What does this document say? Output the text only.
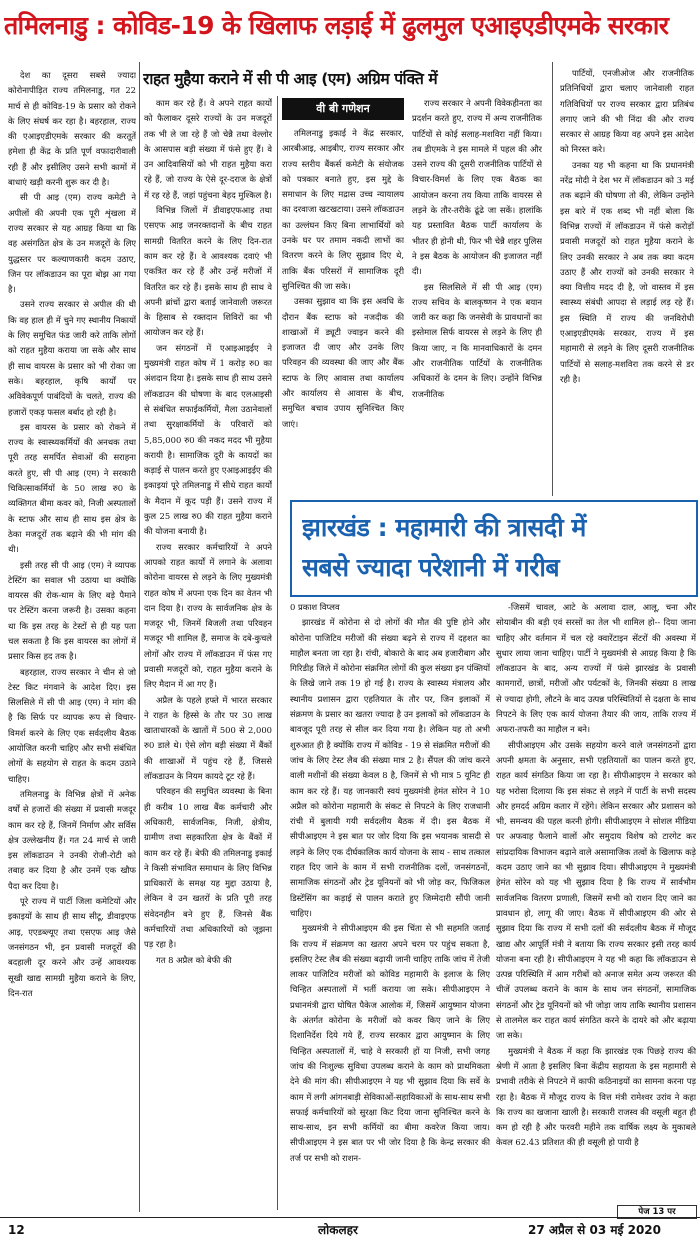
तमिलनाडु : कोविड-19 के खिलाफ लड़ाई में ढुलमुल एआइएडीएमके सरकार

देश का दूसरा सबसे ज्यादा कोरोनापीड़ित राज्य तमिलनाडु, गत 22 मार्च से ही कोविड-19 के प्रसार को रोकने के लिए संघर्ष कर रहा है। बहरहाल, राज्य की एआइएडीएमके सरकार की करतूतें हमेशा ही केंद्र के प्रति पूर्ण वफादारीवाली रही हैं और इसीलिए उसने सभी कामों में बाधाएं खड़ी करनी शुरू कर दी है।

सी पी आइ (एम) राज्य कमेटी ने अपीलों की अपनी एक पूरी शृंखला में राज्य सरकार से यह आग्रह किया था कि वह असंगठित क्षेत्र के उन मजदूरों के लिए युद्धस्तर पर कल्याणकारी कदम उठाए, जिन पर लॉकडाउन का पूरा बोझ आ गया है।

उसने राज्य सरकार से अपील की थी कि वह हाल ही में चुने गए स्थानीय निकायों के लिए समुचित फंड जारी करे ताकि लोगों को राहत मुहैया कराया जा सके और साथ ही साथ वायरस के प्रसार को भी रोका जा सके। बहरहाल, कृषि कार्यों पर अविवेकपूर्ण पाबंदियों के चलते, राज्य की हजारों एकड़ फसल बर्बाद हो रही है।

इस वायरस के प्रसार को रोकने में राज्य के स्वास्थ्यकर्मियों की अनथक तथा पूरी तरह समर्पित सेवाओं की सराहना करते हुए, सी पी आइ (एम) ने सरकारी चिकित्साकर्मियों के 50 लाख रु0 के व्यक्तिगत बीमा कवर को, निजी अस्पतालों के स्टाफ और साथ ही साथ इस क्षेत्र के ठेका मजदूरों तक बढ़ाने की भी मांग की थी।

इसी तरह सी पी आइ (एम) ने व्यापक टेस्टिंग का सवाल भी उठाया था क्योंकि वायरस की रोक-थाम के लिए बड़े पैमाने पर टेस्टिंग करना जरूरी है। उसका कहना था कि इस तरह के टेस्टों से ही यह पता चल सकता है कि इस वायरस का लोगों में प्रसार किस हद तक है।

बहरहाल, राज्य सरकार ने चीन से जो टेस्ट किट मंगवाने के आदेश दिए। इस सिलसिले में सी पी आइ (एम) ने मांग की है कि सिर्फ पर व्यापक रूप से विचार-विमर्श करने के लिए एक सर्वदलीय बैठक आयोजित करनी चाहिए और सभी संबंधित लोगों के सहयोग से राहत के कदम उठाने चाहिए।

तमिलनाडु के विभिन्न क्षेत्रों में अनेक वर्षों से हजारों की संख्या में प्रवासी मजदूर काम कर रहे हैं, जिनमें निर्माण और सर्विस क्षेत्र उल्लेखनीय हैं। गत 24 मार्च से जारी इस लॉकडाउन ने उनकी रोजी-रोटी को तबाह कर दिया है और उनमें एक खौफ पैदा कर दिया है।

पूरे राज्य में पार्टी जिला कमेटियों और इकाइयों के साथ ही साथ सीटू, डीवाइएफ आइ, एएडब्ल्यूए तथा एसएफ आइ जैसे जनसंगठन भी, इन प्रवासी मजदूरों की बदहाली दूर करने और उन्हें आवश्यक सूखी खाद्य सामग्री मुहैया कराने के लिए, दिन-रात

राहत मुहैया कराने में सी पी आइ (एम) अग्रिम पंक्ति में

काम कर रहे हैं। वे अपने राहत कार्यों को फैलाकर दूसरे राज्यों के उन मजदूरों तक भी ले जा रहे हैं जो चेन्नै तथा वेल्लोर के आसपास बड़ी संख्या में फंसे हुए हैं। वे उन आदिवासियों को भी राहत मुहैया करा रहे हैं, जो राज्य के ऐसे दूर-दराज के क्षेत्रों में रह रहे हैं, जहां पहुंचना बेहद मुश्किल है।

विभिन्न जिलों में डीवाइएफआइ तथा एसएफ आइ जनरक्तदानों के बीच राहत सामग्री वितरित करने के लिए दिन-रात काम कर रहे हैं। वे आवश्यक दवाएं भी एकत्रित कर रहे हैं और उन्हें मरीजों में वितरित कर रहे हैं। इसके साथ ही साथ वे अपनी ब्रांचों द्वारा बताई जानेवाली जरूरत के हिसाब से रक्तदान शिविरों का भी आयोजन कर रहे हैं।

जन संगठनों में एआइआइईए ने मुख्यमंत्री राहत कोष में 1 करोड़ रु0 का अंशदान दिया है। इसके साथ ही साथ उसने लॉकडाउन की घोषणा के बाद एलआइसी से संबंधित सफाईकर्मियों, मैला उठानेवालों तथा सुरक्षाकर्मियों के परिवारों को 5,85,000 रु0 की नकद मदद भी मुहैया करायी है। सामाजिक दूरी के कायदों का कड़ाई से पालन करते हुए एआइआइईए की इकाइयां पूरे तमिलनाडु में सीधे राहत कार्यों के मैदान में कूद पड़ी हैं। उसने राज्य में कुल 25 लाख रु0 की राहत मुहैया कराने की योजना बनायी है।

राज्य सरकार कर्मचारियों ने अपने आपको राहत कार्यों में लगाने के अलावा कोरोना वायरस से लड़ने के लिए मुख्यमंत्री राहत कोष में अपना एक दिन का वेतन भी दान दिया है। राज्य के सार्वजनिक क्षेत्र के मजदूर भी, जिनमें बिजली तथा परिवहन मजदूर भी शामिल हैं, समाज के दबे-कुचले लोगों और राज्य में लॉकडाउन में फंस गए प्रवासी मजदूरों को, राहत मुहैया कराने के लिए मैदान में आ गए हैं।

अप्रैल के पहले हफ्ते में भारत सरकार ने राहत के हिस्से के तौर पर 30 लाख खाताधारकों के खातों में 500 से 2,000 रु0 डाले थे। ऐसे लोग बड़ी संख्या में बैंकों की शाखाओं में पहुंच रहे हैं, जिससे लॉकडाउन के नियम कायदे टूट रहे हैं।

परिवहन की समुचित व्यवस्था के बिना ही करीब 10 लाख बैंक कर्मचारी और अधिकारी, सार्वजनिक, निजी, क्षेत्रीय, ग्रामीण तथा सहकारिता क्षेत्र के बैंकों में काम कर रहे हैं। बेफी की तमिलनाडु इकाई ने किसी संभावित समाधान के लिए विभिन्न प्राधिकारों के समक्ष यह मुद्दा उठाया है, लेकिन वे उन खतरों के प्रति पूरी तरह संवेदनहीन बने हुए हैं, जिनसे बैंक कर्मचारियों तथा अधिकारियों को जूझना पड़ रहा है।

गत 8 अप्रैल को बेफी की

वी बी गणेशन

तमिलनाडु इकाई ने केंद्र सरकार, आरबीआइ, आइबीए, राज्य सरकार और राज्य स्तरीय बैंकर्स कमेटी के संयोजक को पत्रकार बनाते हुए, इस मुद्दे के समाधान के लिए मद्रास उच्च न्यायालय का दरवाजा खटखटाया। उसने लॉकडाउन का उल्लंघन किए बिना लाभार्थियों को उनके घर पर तमाम नकदी लाभों का वितरण करने के लिए सुझाव दिए थे, ताकि बैंक परिसरों में सामाजिक दूरी सुनिश्चित की जा सके।

उसका सुझाव था कि इस अवधि के दौरान बैंक स्टाफ को नजदीक की शाखाओं में ड्यूटी ज्वाइन करने की इजाजत दी जाए और उनके लिए परिवहन की व्यवस्था की जाए और बैंक स्टाफ के लिए आवास तथा कार्यालय और कार्यालय से आवास के बीच, समुचित बचाव उपाय सुनिश्चित किए जाएं।

राज्य सरकार ने अपनी विवेकहीनता का प्रदर्शन करते हुए, राज्य में अन्य राजनीतिक पार्टियों से कोई सलाह-मशविरा नहीं किया। तब डीएमके ने इस मामले में पहल की और उसने राज्य की दूसरी राजनीतिक पार्टियों से विचार-विमर्श के लिए एक बैठक का आयोजन करना तय किया ताकि वायरस से लड़ने के तौर-तरीके ढूंढे जा सकें। हालांकि यह प्रस्तावित बैठक पार्टी कार्यालय के भीतर ही होनी थी, फिर भी चेन्नै शहर पुलिस ने इस बैठक के आयोजन की इजाजत नहीं दी।

इस सिलसिले में सी पी आइ (एम) राज्य सचिव के बालकृष्णन ने एक बयान जारी कर कहा कि जनसेवी के प्रावधानों का इस्तेमाल सिर्फ वायरस से लड़ने के लिए ही किया जाए, न कि मानवाधिकारों के दमन और राजनीतिक पार्टियों के राजनीतिक अधिकारों के दमन के लिए। उन्होंने विभिन्न राजनीतिक

पार्टियों, एनजीओज और राजनीतिक प्रतिनिधियों द्वारा चलाए जानेवाली राहत गतिविधियों पर राज्य सरकार द्वारा प्रतिबंध लगाए जाने की भी निंदा की और राज्य सरकार से आग्रह किया वह अपने इस आदेश को निरस्त करे।

उनका यह भी कहना था कि प्रधानमंत्री नरेंद्र मोदी ने देश भर में लॉकडाउन को 3 मई तक बढ़ाने की घोषणा तो की, लेकिन उन्होंने इस बारे में एक शब्द भी नहीं बोला कि विभिन्न राज्यों में लॉकडाउन में फंसे करोड़ों प्रवासी मजदूरों को राहत मुहैया कराने के लिए उनकी सरकार ने अब तक क्या कदम उठाए हैं और राज्यों को उनकी सरकार ने क्या वित्तीय मदद दी है, जो वास्तव में इस स्वास्थ्य संबंधी आपदा से लड़ाई लड़ रहे हैं। इस स्थिति में राज्य की जनविरोधी एआइएडीएमके सरकार, राज्य में इस महामारी से लड़ने के लिए दूसरी राजनीतिक पार्टियों से सलाह-मशविरा तक करने से डर रही है।

झारखंड : महामारी की त्रासदी में
सबसे ज्यादा परेशानी में गरीब

0 प्रकाश विप्लव

झारखंड में कोरोना से दो लोगों की मौत की पुष्टि होने और कोरोना पाजिटिव मरीजों की संख्या बढ़ने से राज्य में दहशत का माहौल बनता जा रहा है। रांची, बोकारो के बाद अब हजारीबाग और गिरिडीह जिले में कोरोना संक्रमित लोगों की कुल संख्या इन पंक्तियों के लिखे जाने तक 19 हो गई है। राज्य के स्वास्थ्य मंत्रालय और स्थानीय प्रशासन द्वारा एहतियात के तौर पर, जिन इलाकों में संक्रमण के प्रसार का खतरा ज्यादा है उन इलाकों को लॉकडाउन के बावजूद पूरी तरह से सील कर दिया गया है। लेकिन यह तो अभी शुरुआत ही है क्योंकि राज्य में कोविड - 19 से संक्रमित मरीजों की जांच के लिए टेस्ट लैब की संख्या मात्र 2 है। सैंपल की जांच करने वाली मशीनों की संख्या केवल 8 है, जिनमें से भी मात्र 5 यूनिट ही काम कर रहे हैं। यह जानकारी स्वयं मुख्यमंत्री हेमंत सोरेन ने 10 अप्रैल को कोरोना महामारी के संकट से निपटने के लिए राजधानी रांची में बुलायी गयी सर्वदलीय बैठक में दी। इस बैठक में सीपीआइएम ने इस बात पर जोर दिया कि इस भयानक त्रासदी से लड़ने के लिए एक दीर्घकालिक कार्य योजना के साथ - साथ तत्काल राहत दिए जाने के काम में सभी राजनीतिक दलों, जनसंगठनों, सामाजिक संगठनों और ट्रेड यूनियनों को भी जोड़ कर, फिजिकल डिस्टेंसिंग का कड़ाई से पालन कराते हुए जिम्मेदारी सौंपी जानी चाहिए।

मुख्यमंत्री ने सीपीआइएम की इस चिंता से भी सहमति जताई कि राज्य में संक्रमण का खतरा अपने चरम पर पहुंच सकता है, इसलिए टेस्ट लैब की संख्या बढ़ायी जानी चाहिए ताकि जांच में तेजी लाकर पाजिटिव मरीजों को कोविड महामारी के इलाज के लिए चिन्हित अस्पतालों में भर्ती कराया जा सके। सीपीआइएम ने प्रधानमंत्री द्वारा घोषित पैकेज आलोक में, जिसमें आयुष्मान योजना के अंतर्गत कोरोना के मरीजों को कवर किए जाने के लिए दिशानिर्देश दिये गये हैं, राज्य सरकार द्वारा आयुष्मान के लिए चिन्हित अस्पतालों में, चाहे वे सरकारी हों या निजी, सभी जगह जांच की निःशुल्क सुविधा उपलब्ध कराने के काम को प्राथमिकता देने की मांग की। सीपीआइएम ने यह भी सुझाव दिया कि सर्वे के काम में लगी आंगनबाड़ी सेविकाओं-सहायिकाओं के साथ-साथ सभी सफाई कर्मचारियों को सुरक्षा किट दिया जाना सुनिश्चित करने के साथ-साथ, इन सभी कर्मियों का बीमा कवरेज किया जाय। सीपीआइएम ने इस बात पर भी जोर दिया है कि केन्द्र सरकार की तर्ज पर सभी को राशन-

-जिसमें चावल, आटे के अलावा दाल, आलू, चना और सोयाबीन की बड़ी एवं सरसों का तेल भी शामिल हो-- दिया जाना चाहिए और वर्तमान में चल रहे क्वारेंटाइन सेंटरों की अवस्था में सुधार लाया जाना चाहिए। पार्टी ने मुख्यमंत्री से आग्रह किया है कि लॉकडाउन के बाद, अन्य राज्यों में फंसे झारखंड के प्रवासी कामगारों, छात्रों, मरीजों और पर्यटकों के, जिनकी संख्या 8 लाख से ज्यादा होगी, लौटने के बाद उत्पन्न परिस्थितियों से दक्षता के साथ निपटने के लिए एक कार्य योजना तैयार की जाय, ताकि राज्य में अफरा-तफरी का माहौल न बने।

सीपीआइएम और उसके सहयोग करने वाले जनसंगठनों द्वारा अपनी क्षमता के अनुसार, सभी एहतियातों का पालन करते हुए, राहत कार्य संगठित किया जा रहा है। सीपीआइएम ने सरकार को यह भरोसा दिलाया कि इस संकट से लड़ने में पार्टी के सभी सदस्य और हमदर्द अग्रिम कतार में रहेंगे। लेकिन सरकार और प्रशासन को भी, समन्वय की पहल करनी होगी। सीपीआइएम ने सोशल मीडिया पर अफवाह फैलाने वालों और समुदाय विशेष को टारगेट कर सांप्रदायिक विभाजन बढ़ाने वाले असामाजिक तत्वों के खिलाफ कड़े कदम उठाए जाने का भी सुझाव दिया। सीपीआइएम ने मुख्यमंत्री हेमंत सोरेन को यह भी सुझाव दिया है कि राज्य में सार्वभौम सार्वजनिक वितरण प्रणाली, जिसमें सभी को राशन दिए जाने का प्रावधान हो, लागू की जाए। बैठक में सीपीआइएम की ओर से सुझाव दिया कि राज्य में सभी दलों की सर्वदलीय बैठक में मौजूद खाद्य और आपूर्ति मंत्री ने बताया कि राज्य सरकार इसी तरह कार्य योजना बना रही है। सीपीआइएम ने यह भी कहा कि लॉकडाउन से उत्पन्न परिस्थिति में आम गरीबों को अनाज समेत अन्य जरूरत की चीजें उपलब्ध कराने के काम के साथ जन संगठनों, सामाजिक संगठनों और ट्रेड यूनियनों को भी जोड़ा जाय ताकि स्थानीय प्रशासन से तालमेल कर राहत कार्य संगठित करने के दायरे को और बढ़ाया जा सके।

मुख्यमंत्री ने बैठक में कहा कि झारखंड एक पिछड़े राज्य की श्रेणी में आता है इसलिए बिना केंद्रीय सहायता के इस महामारी से प्रभावी तरीके से निपटने में काफी कठिनाइयों का सामना करना पड़ रहा है। बैठक में मौजूद राज्य के वित्त मंत्री रामेश्वर उरांव ने कहा कि राज्य का खजाना खाली है। सरकारी राजस्व की वसूली बहुत ही कम हो रही है और फरवरी महीने तक वार्षिक लक्ष्य के मुकाबले केवल 62.43 प्रतिशत की ही वसूली हो पायी है

पेज 13 पर
12	लोकलहर	27 अप्रैल से 03 मई 2020
